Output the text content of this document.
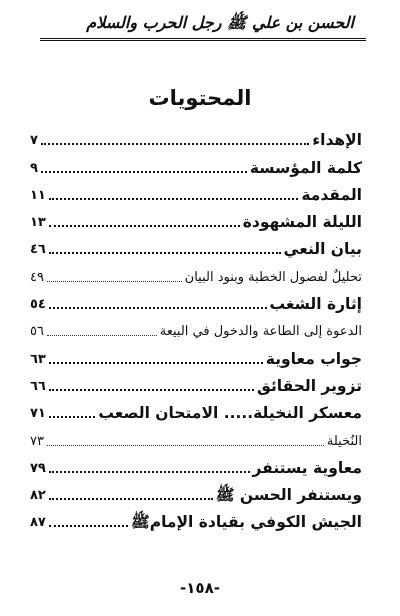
الحسن بن علي ﷺ رجل الحرب والسلام
المحتويات
الإهداء
٧
كلمة المؤسسة
٩
المقدمة
١١
الليلة المشهودة
١٣
بيان النعي
٤٦
تحليلٌ لفصول الخطبة وبنود البيان
٤٩
إثارة الشغب
٥٤
الدعوة إلى الطاعة والدخول في البيعة
٥٦
جواب معاوية
٦٣
تزوير الحقائق
٦٦
معسكر النخيلة..... الامتحان الصعب
٧١
النُخيلة
٧٣
معاوية يستنفر
٧٩
ويستنفر الحسن ﷺ
٨٢
الجيش الكوفي بقيادة الإمامﷺ
٨٧
-١٥٨-
